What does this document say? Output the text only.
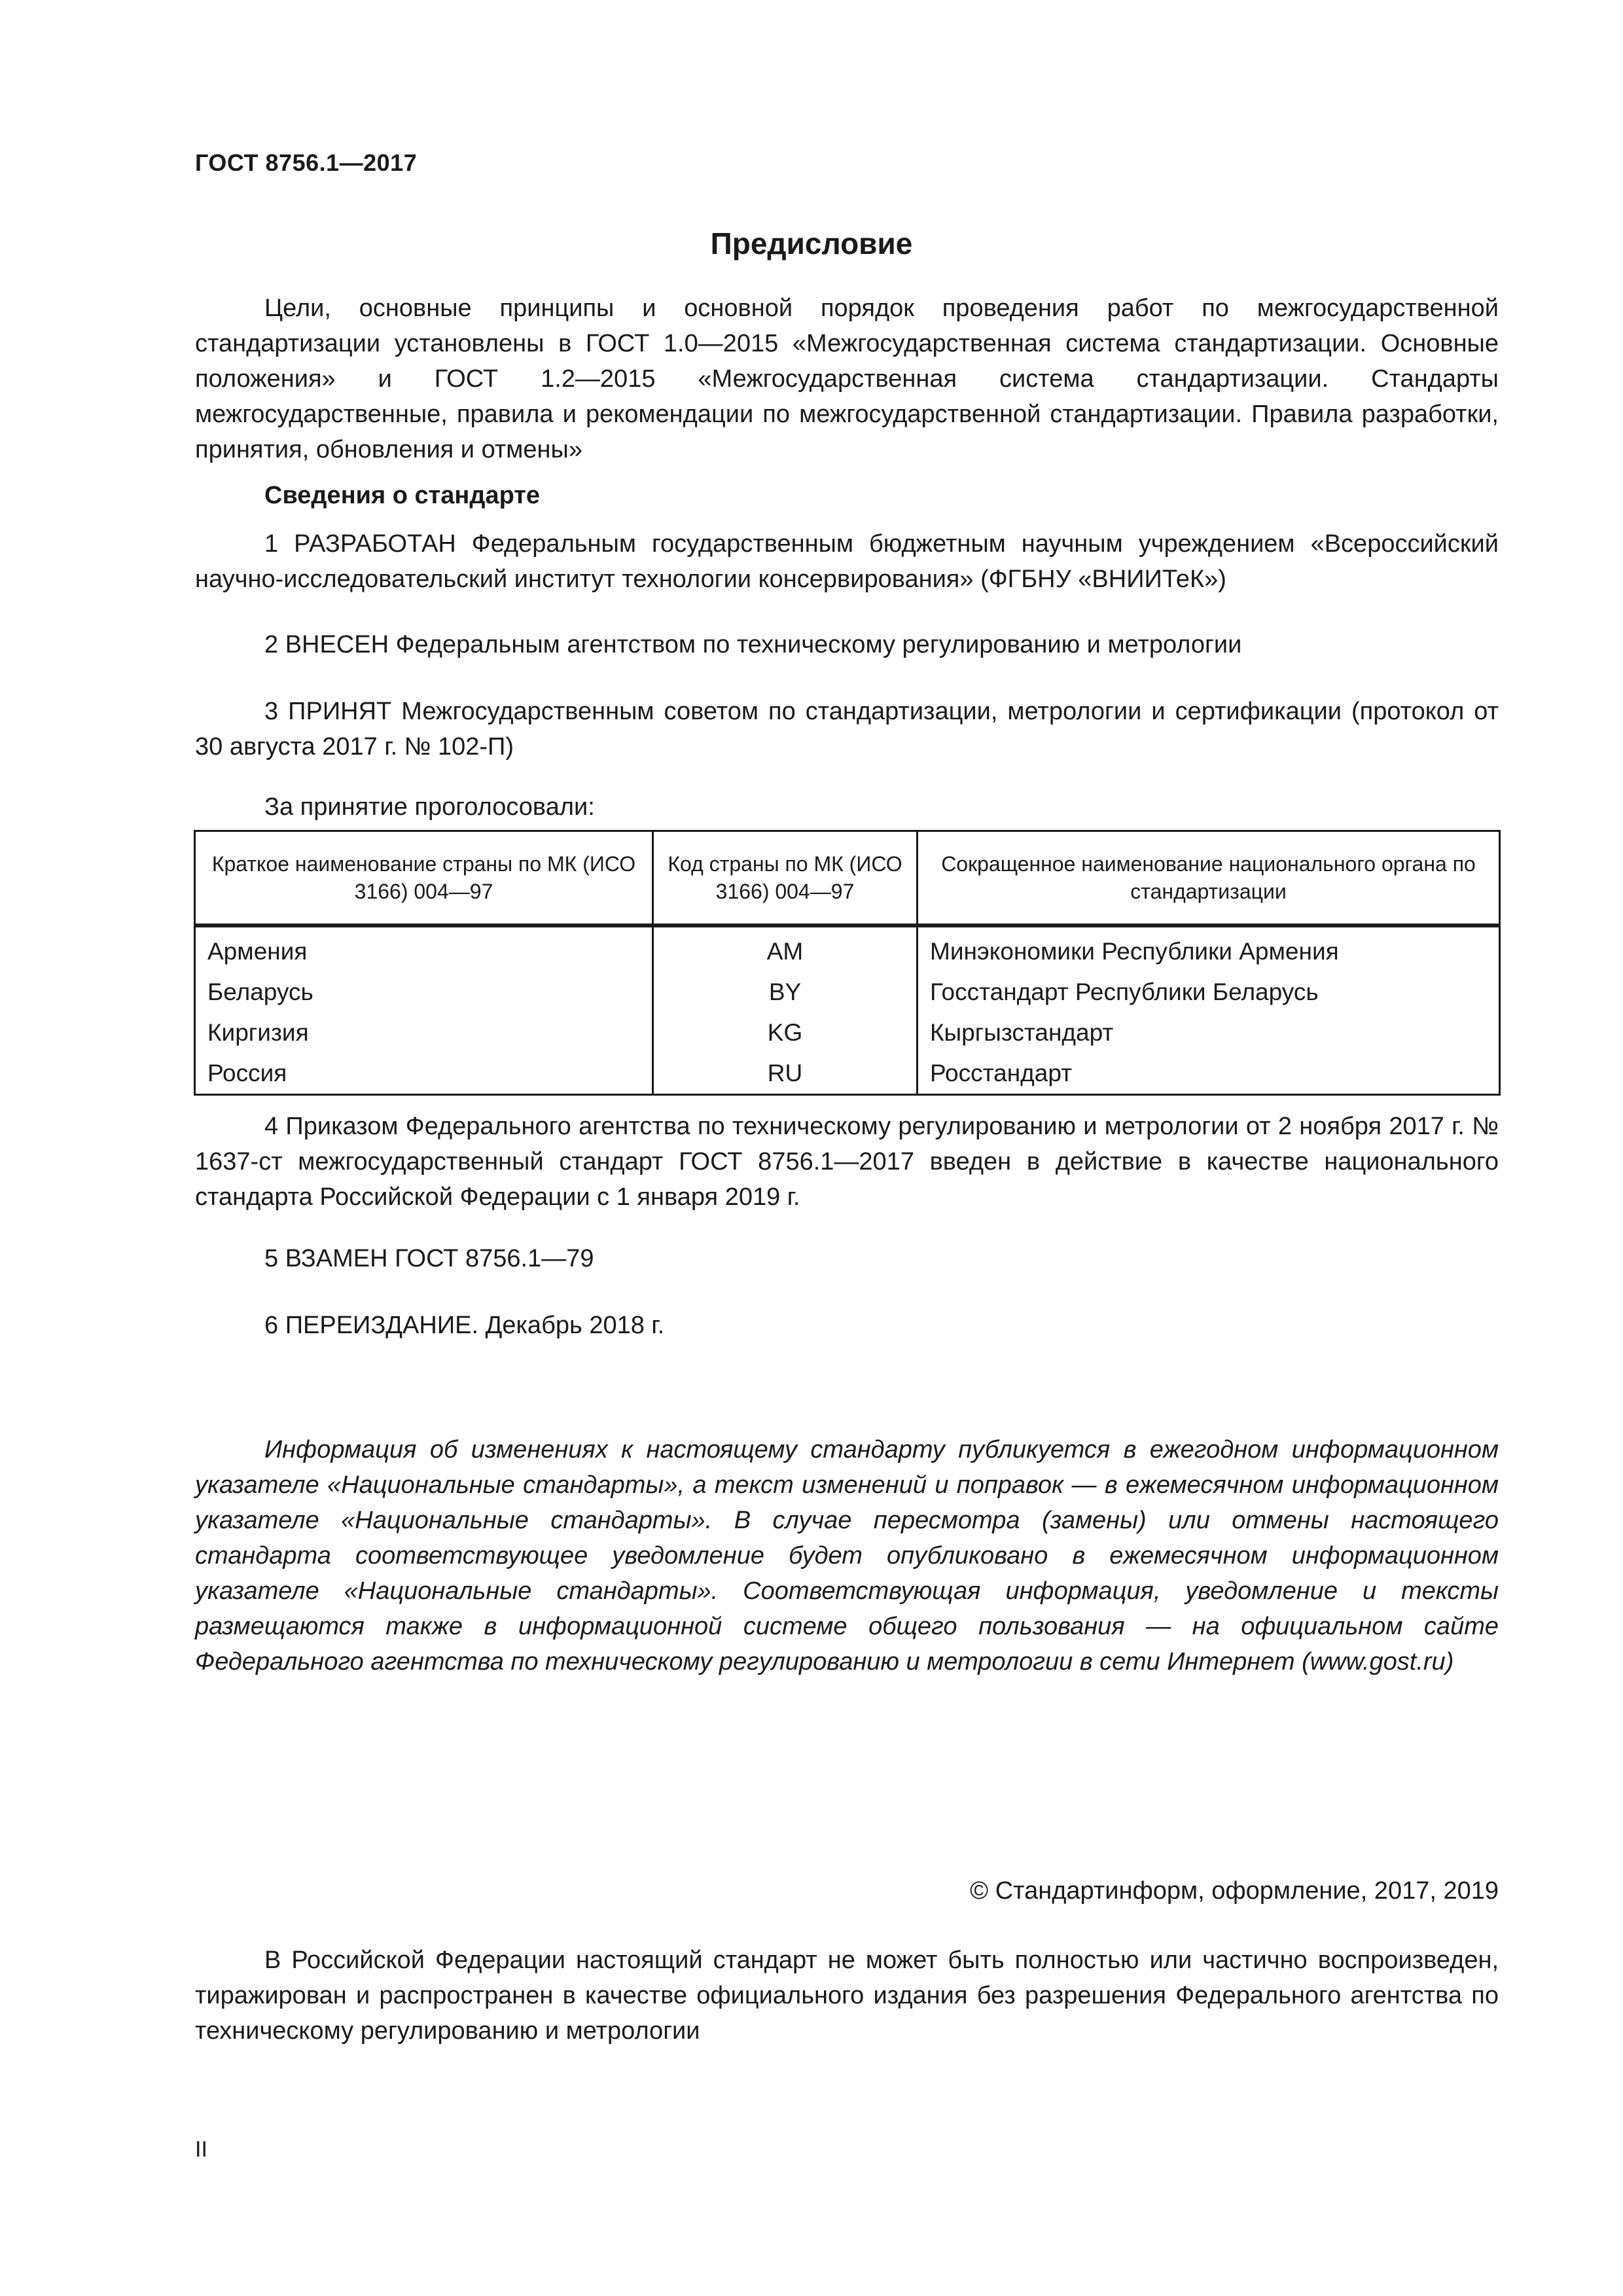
ГОСТ 8756.1—2017
Предисловие

Цели, основные принципы и основной порядок проведения работ по межгосударственной стандартизации установлены в ГОСТ 1.0—2015 «Межгосударственная система стандартизации. Основные положения» и ГОСТ 1.2—2015 «Межгосударственная система стандартизации. Стандарты межгосударственные, правила и рекомендации по межгосударственной стандартизации. Правила разработки, принятия, обновления и отмены»

Сведения о стандарте

1 РАЗРАБОТАН Федеральным государственным бюджетным научным учреждением «Всероссийский научно-исследовательский институт технологии консервирования» (ФГБНУ «ВНИИТеК»)

2 ВНЕСЕН Федеральным агентством по техническому регулированию и метрологии

3 ПРИНЯТ Межгосударственным советом по стандартизации, метрологии и сертификации (протокол от 30 августа 2017 г. № 102-П)

За принятие проголосовали:

Краткое наименование страны по МК (ИСО 3166) 004—97	Код страны по МК (ИСО 3166) 004—97	Сокращенное наименование национального органа по стандартизации
Армения	AM	Минэкономики Республики Армения
Беларусь	BY	Госстандарт Республики Беларусь
Киргизия	KG	Кыргызстандарт
Россия	RU	Росстандарт

4 Приказом Федерального агентства по техническому регулированию и метрологии от 2 ноября 2017 г. № 1637-ст межгосударственный стандарт ГОСТ 8756.1—2017 введен в действие в качестве национального стандарта Российской Федерации с 1 января 2019 г.

5 ВЗАМЕН ГОСТ 8756.1—79

6 ПЕРЕИЗДАНИЕ. Декабрь 2018 г.

Информация об изменениях к настоящему стандарту публикуется в ежегодном информационном указателе «Национальные стандарты», а текст изменений и поправок — в ежемесячном информационном указателе «Национальные стандарты». В случае пересмотра (замены) или отмены настоящего стандарта соответствующее уведомление будет опубликовано в ежемесячном информационном указателе «Национальные стандарты». Соответствующая информация, уведомление и тексты размещаются также в информационной системе общего пользования — на официальном сайте Федерального агентства по техническому регулированию и метрологии в сети Интернет (www.gost.ru)

© Стандартинформ, оформление, 2017, 2019

В Российской Федерации настоящий стандарт не может быть полностью или частично воспроизведен, тиражирован и распространен в качестве официального издания без разрешения Федерального агентства по техническому регулированию и метрологии

II
